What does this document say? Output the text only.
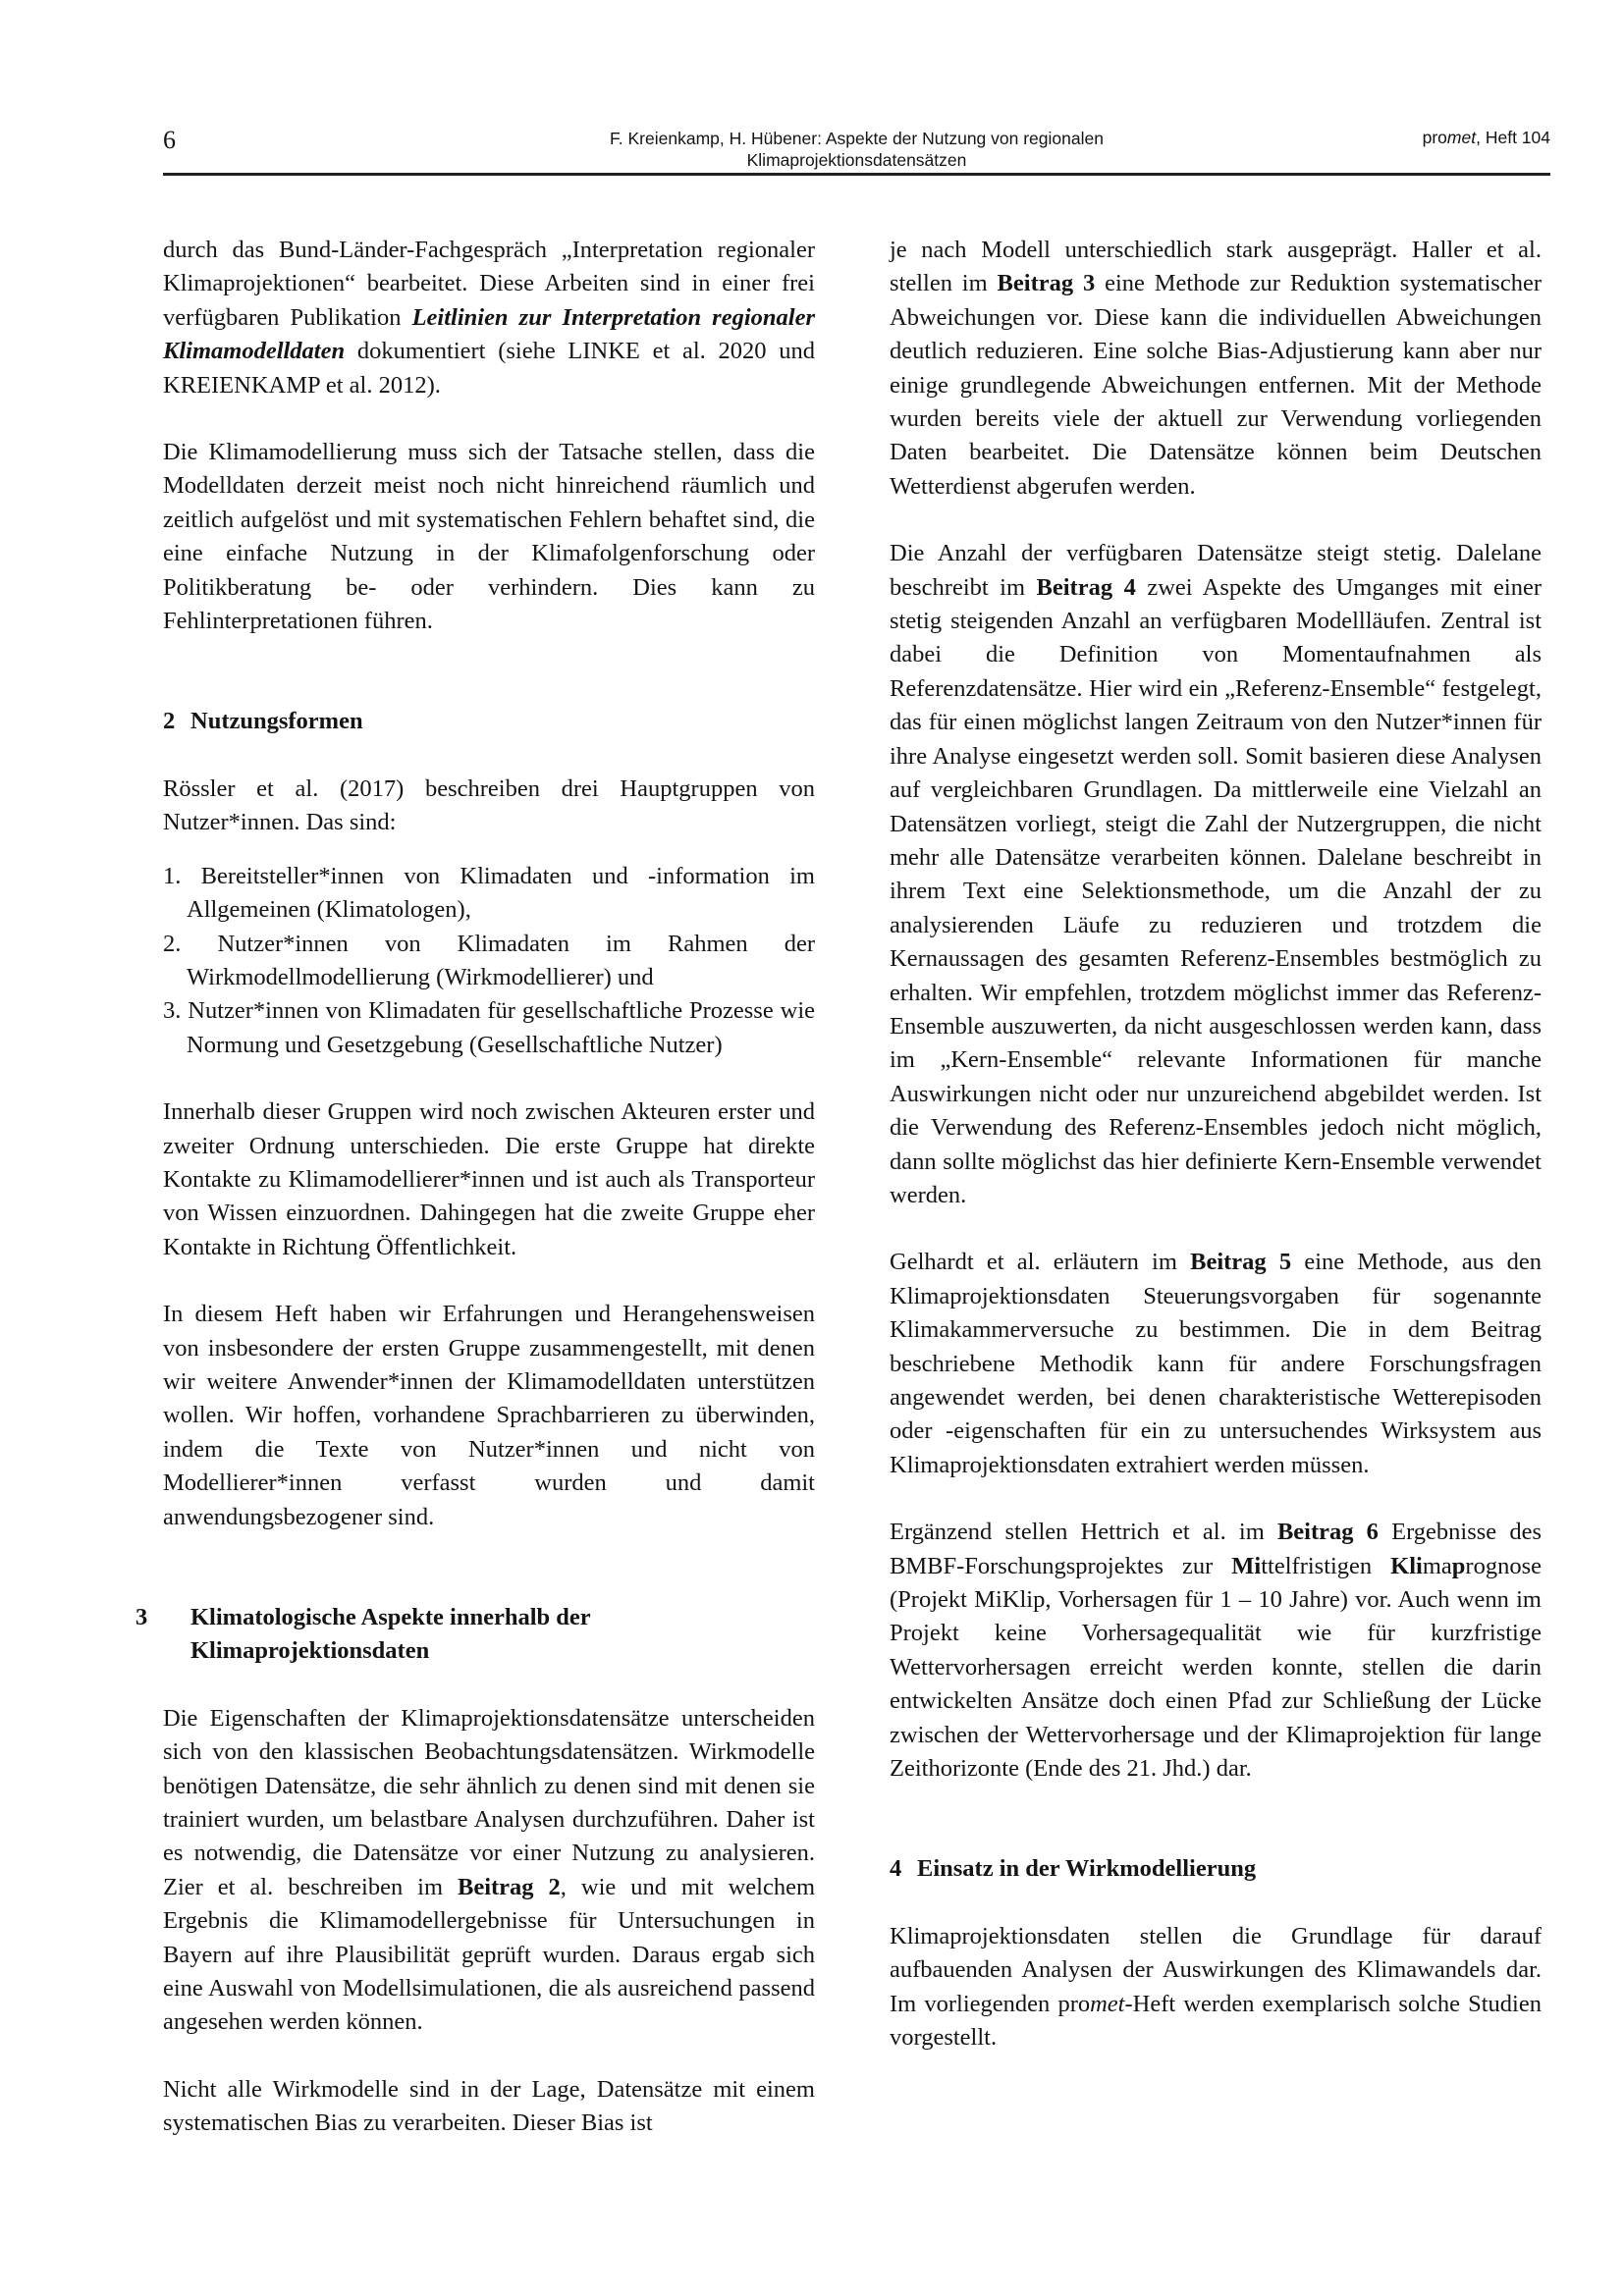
6	F. Kreienkamp, H. Hübener: Aspekte der Nutzung von regionalen
Klimaprojektionsdatensätzen
promet, Heft 104

durch das Bund-Länder-Fachgespräch „Interpretation regionaler Klimaprojektionen“ bearbeitet. Diese Arbeiten sind in einer frei verfügbaren Publikation Leitlinien zur Interpretation regionaler Klimamodelldaten dokumentiert (siehe LINKE et al. 2020 und KREIENKAMP et al. 2012).

Die Klimamodellierung muss sich der Tatsache stellen, dass die Modelldaten derzeit meist noch nicht hinreichend räumlich und zeitlich aufgelöst und mit systematischen Fehlern behaftet sind, die eine einfache Nutzung in der Klimafolgenforschung oder Politikberatung be- oder verhindern. Dies kann zu Fehlinterpretationen führen.

2 Nutzungsformen

Rössler et al. (2017) beschreiben drei Hauptgruppen von Nutzer*innen. Das sind:

1. Bereitsteller*innen von Klimadaten und -information im Allgemeinen (Klimatologen),
2. Nutzer*innen von Klimadaten im Rahmen der Wirkmodellmodellierung (Wirkmodellierer) und
3. Nutzer*innen von Klimadaten für gesellschaftliche Prozesse wie Normung und Gesetzgebung (Gesellschaftliche Nutzer)

Innerhalb dieser Gruppen wird noch zwischen Akteuren erster und zweiter Ordnung unterschieden. Die erste Gruppe hat direkte Kontakte zu Klimamodellierer*innen und ist auch als Transporteur von Wissen einzuordnen. Dahingegen hat die zweite Gruppe eher Kontakte in Richtung Öffentlichkeit.

In diesem Heft haben wir Erfahrungen und Herangehensweisen von insbesondere der ersten Gruppe zusammengestellt, mit denen wir weitere Anwender*innen der Klimamodelldaten unterstützen wollen. Wir hoffen, vorhandene Sprachbarrieren zu überwinden, indem die Texte von Nutzer*innen und nicht von Modellierer*innen verfasst wurden und damit anwendungsbezogener sind.

3 Klimatologische Aspekte innerhalb der Klimaprojektionsdaten

Die Eigenschaften der Klimaprojektionsdatensätze unterscheiden sich von den klassischen Beobachtungsdatensätzen. Wirkmodelle benötigen Datensätze, die sehr ähnlich zu denen sind mit denen sie trainiert wurden, um belastbare Analysen durchzuführen. Daher ist es notwendig, die Datensätze vor einer Nutzung zu analysieren. Zier et al. beschreiben im Beitrag 2, wie und mit welchem Ergebnis die Klimamodellergebnisse für Untersuchungen in Bayern auf ihre Plausibilität geprüft wurden. Daraus ergab sich eine Auswahl von Modellsimulationen, die als ausreichend passend angesehen werden können.

Nicht alle Wirkmodelle sind in der Lage, Datensätze mit einem systematischen Bias zu verarbeiten. Dieser Bias ist

je nach Modell unterschiedlich stark ausgeprägt. Haller et al. stellen im Beitrag 3 eine Methode zur Reduktion systematischer Abweichungen vor. Diese kann die individuellen Abweichungen deutlich reduzieren. Eine solche Bias-Adjustierung kann aber nur einige grundlegende Abweichungen entfernen. Mit der Methode wurden bereits viele der aktuell zur Verwendung vorliegenden Daten bearbeitet. Die Datensätze können beim Deutschen Wetterdienst abgerufen werden.

Die Anzahl der verfügbaren Datensätze steigt stetig. Dalelane beschreibt im Beitrag 4 zwei Aspekte des Umganges mit einer stetig steigenden Anzahl an verfügbaren Modellläufen. Zentral ist dabei die Definition von Momentaufnahmen als Referenzdatensätze. Hier wird ein „Referenz-Ensemble“ festgelegt, das für einen möglichst langen Zeitraum von den Nutzer*innen für ihre Analyse eingesetzt werden soll. Somit basieren diese Analysen auf vergleichbaren Grundlagen. Da mittlerweile eine Vielzahl an Datensätzen vorliegt, steigt die Zahl der Nutzergruppen, die nicht mehr alle Datensätze verarbeiten können. Dalelane beschreibt in ihrem Text eine Selektionsmethode, um die Anzahl der zu analysierenden Läufe zu reduzieren und trotzdem die Kernaussagen des gesamten Referenz-Ensembles bestmöglich zu erhalten. Wir empfehlen, trotzdem möglichst immer das Referenz-Ensemble auszuwerten, da nicht ausgeschlossen werden kann, dass im „Kern-Ensemble“ relevante Informationen für manche Auswirkungen nicht oder nur unzureichend abgebildet werden. Ist die Verwendung des Referenz-Ensembles jedoch nicht möglich, dann sollte möglichst das hier definierte Kern-Ensemble verwendet werden.

Gelhardt et al. erläutern im Beitrag 5 eine Methode, aus den Klimaprojektionsdaten Steuerungsvorgaben für sogenannte Klimakammerversuche zu bestimmen. Die in dem Beitrag beschriebene Methodik kann für andere Forschungsfragen angewendet werden, bei denen charakteristische Wetterepisoden oder -eigenschaften für ein zu untersuchendes Wirksystem aus Klimaprojektionsdaten extrahiert werden müssen.

Ergänzend stellen Hettrich et al. im Beitrag 6 Ergebnisse des BMBF-Forschungsprojektes zur Mittelfristigen Klimaprognose (Projekt MiKlip, Vorhersagen für 1 – 10 Jahre) vor. Auch wenn im Projekt keine Vorhersagequalität wie für kurzfristige Wettervorhersagen erreicht werden konnte, stellen die darin entwickelten Ansätze doch einen Pfad zur Schließung der Lücke zwischen der Wettervorhersage und der Klimaprojektion für lange Zeithorizonte (Ende des 21. Jhd.) dar.

4 Einsatz in der Wirkmodellierung

Klimaprojektionsdaten stellen die Grundlage für darauf aufbauenden Analysen der Auswirkungen des Klimawandels dar. Im vorliegenden promet-Heft werden exemplarisch solche Studien vorgestellt.
